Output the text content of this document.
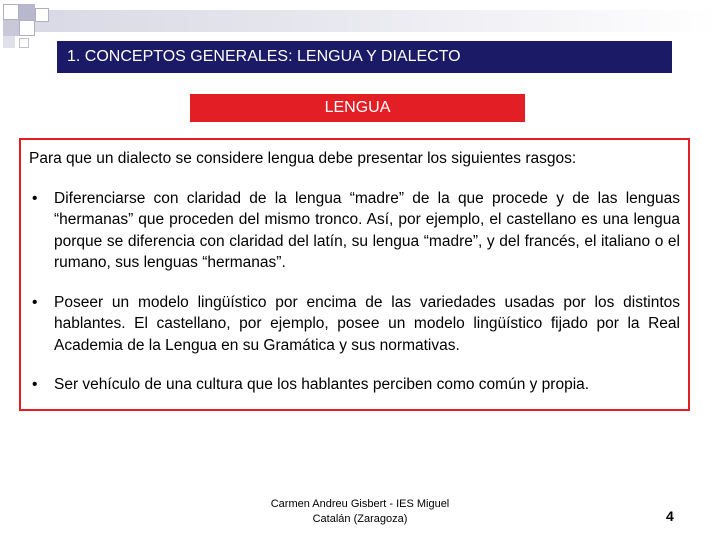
1. CONCEPTOS GENERALES: LENGUA Y DIALECTO
LENGUA

Para que un dialecto se considere lengua debe presentar los siguientes rasgos:

• Diferenciarse con claridad de la lengua “madre” de la que procede y de las lenguas “hermanas” que proceden del mismo tronco. Así, por ejemplo, el castellano es una lengua porque se diferencia con claridad del latín, su lengua “madre”, y del francés, el italiano o el rumano, sus lenguas “hermanas”.
• Poseer un modelo lingüístico por encima de las variedades usadas por los distintos hablantes. El castellano, por ejemplo, posee un modelo lingüístico fijado por la Real Academia de la Lengua en su Gramática y sus normativas.
• Ser vehículo de una cultura que los hablantes perciben como común y propia.
Carmen Andreu Gisbert - IES Miguel
Catalán (Zaragoza)	4
